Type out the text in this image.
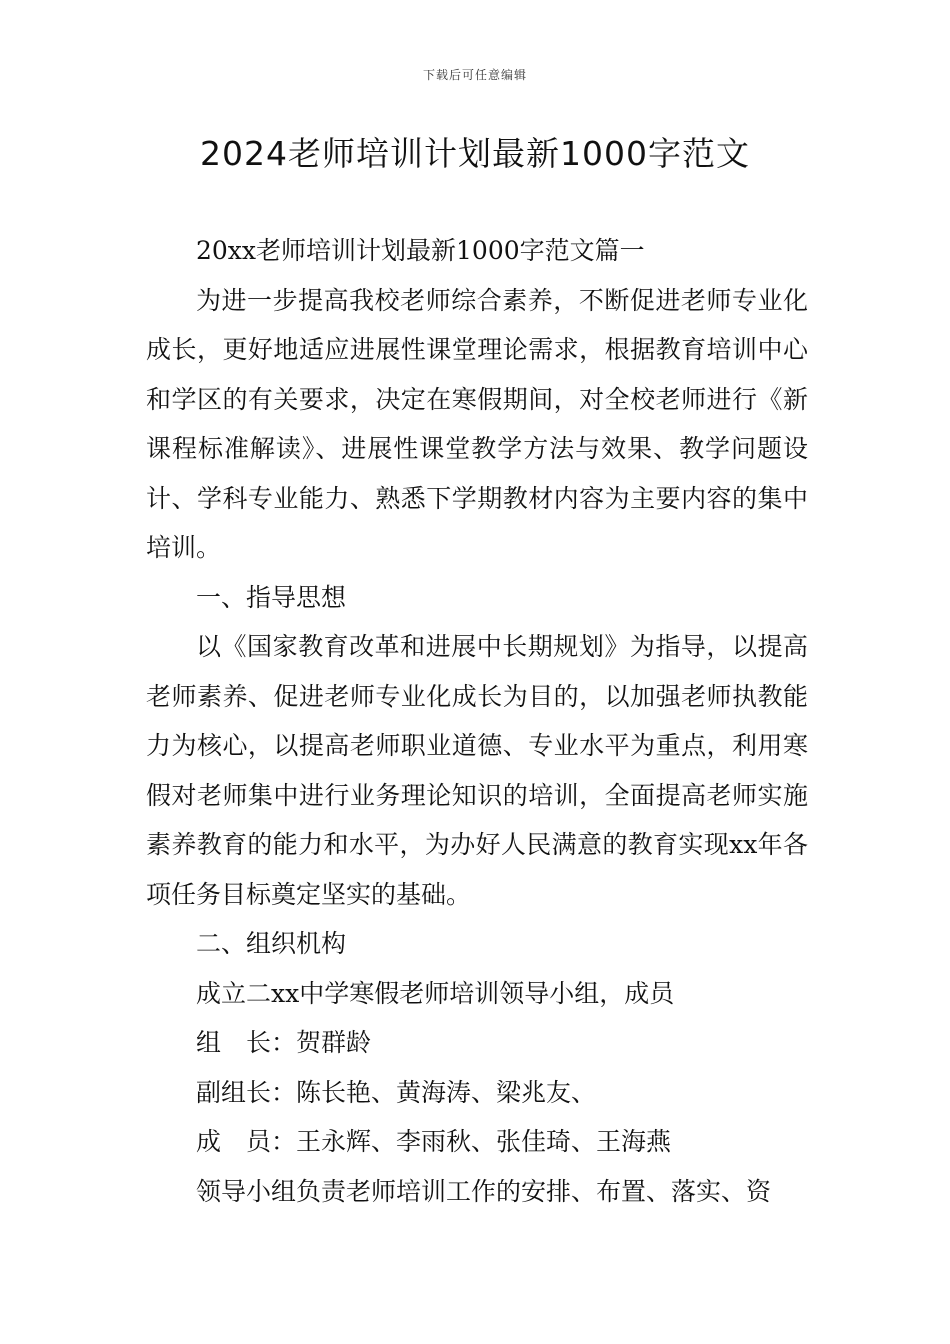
下载后可任意编辑
2024老师培训计划最新1000字范文

20xx老师培训计划最新1000字范文篇一

为进一步提高我校老师综合素养，不断促进老师专业化成长，更好地适应进展性课堂理论需求，根据教育培训中心和学区的有关要求，决定在寒假期间，对全校老师进行《新课程标准解读》、进展性课堂教学方法与效果、教学问题设计、学科专业能力、熟悉下学期教材内容为主要内容的集中培训。

一、指导思想

以《国家教育改革和进展中长期规划》为指导，以提高老师素养、促进老师专业化成长为目的，以加强老师执教能力为核心，以提高老师职业道德、专业水平为重点，利用寒假对老师集中进行业务理论知识的培训，全面提高老师实施素养教育的能力和水平，为办好人民满意的教育实现xx年各项任务目标奠定坚实的基础。

二、组织机构

成立二xx中学寒假老师培训领导小组，成员

组　长：贺群龄

副组长：陈长艳、黄海涛、梁兆友、

成　员：王永辉、李雨秋、张佳琦、王海燕

领导小组负责老师培训工作的安排、布置、落实、资
